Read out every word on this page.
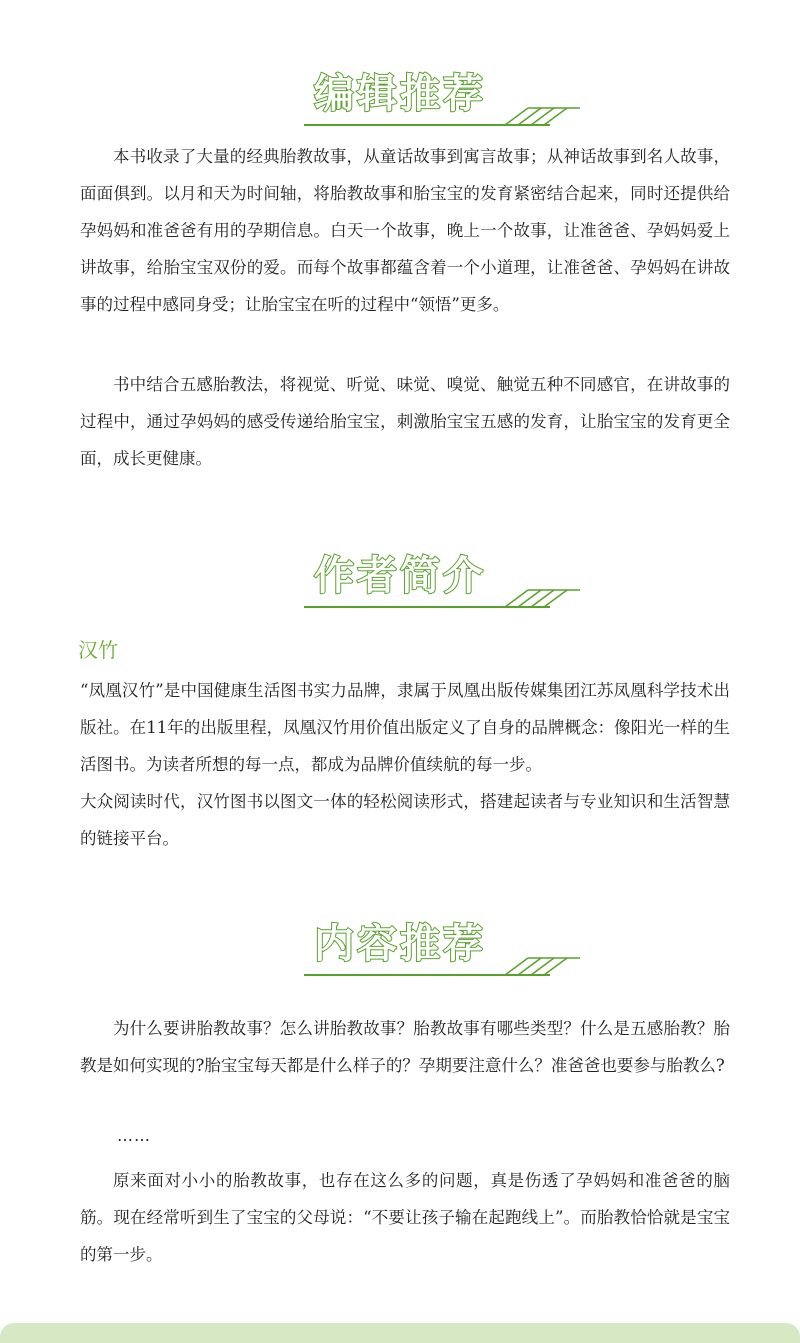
编辑推荐

本书收录了大量的经典胎教故事，从童话故事到寓言故事；从神话故事到名人故事，面面俱到。以月和天为时间轴，将胎教故事和胎宝宝的发育紧密结合起来，同时还提供给孕妈妈和准爸爸有用的孕期信息。白天一个故事，晚上一个故事，让准爸爸、孕妈妈爱上讲故事，给胎宝宝双份的爱。而每个故事都蕴含着一个小道理，让准爸爸、孕妈妈在讲故事的过程中感同身受；让胎宝宝在听的过程中“领悟”更多。

书中结合五感胎教法，将视觉、听觉、味觉、嗅觉、触觉五种不同感官，在讲故事的过程中，通过孕妈妈的感受传递给胎宝宝，刺激胎宝宝五感的发育，让胎宝宝的发育更全面，成长更健康。

作者简介
汉竹

“凤凰汉竹”是中国健康生活图书实力品牌，隶属于凤凰出版传媒集团江苏凤凰科学技术出版社。在11年的出版里程，凤凰汉竹用价值出版定义了自身的品牌概念：像阳光一样的生活图书。为读者所想的每一点，都成为品牌价值续航的每一步。

大众阅读时代，汉竹图书以图文一体的轻松阅读形式，搭建起读者与专业知识和生活智慧的链接平台。

内容推荐

为什么要讲胎教故事？怎么讲胎教故事？胎教故事有哪些类型？什么是五感胎教？胎教是如何实现的?胎宝宝每天都是什么样子的？孕期要注意什么？准爸爸也要参与胎教么?

……

原来面对小小的胎教故事，也存在这么多的问题，真是伤透了孕妈妈和准爸爸的脑筋。现在经常听到生了宝宝的父母说：“不要让孩子输在起跑线上”。而胎教恰恰就是宝宝的第一步。
